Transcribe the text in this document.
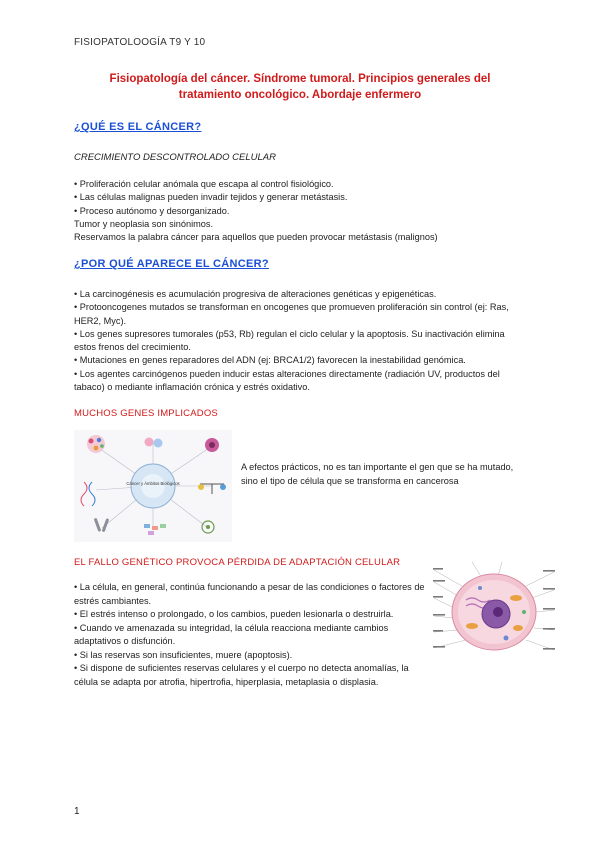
FISIOPATOLOOGÍA T9 Y 10
Fisiopatología del cáncer. Síndrome tumoral. Principios generales del
tratamiento oncológico. Abordaje enfermero
¿QUÉ ES EL CÁNCER?
CRECIMIENTO DESCONTROLADO CELULAR

• Proliferación celular anómala que escapa al control fisiológico.

• Las células malignas pueden invadir tejidos y generar metástasis.

• Proceso autónomo y desorganizado.

Tumor y neoplasia son sinónimos.

Reservamos la palabra cáncer para aquellos que pueden provocar metástasis (malignos)

¿POR QUÉ APARECE EL CÁNCER?

• La carcinogénesis es acumulación progresiva de alteraciones genéticas y epigenéticas.

• Protooncogenes mutados se transforman en oncogenes que promueven proliferación sin control (ej: Ras, HER2, Myc).

• Los genes supresores tumorales (p53, Rb) regulan el ciclo celular y la apoptosis. Su inactivación elimina estos frenos del crecimiento.

• Mutaciones en genes reparadores del ADN (ej: BRCA1/2) favorecen la inestabilidad genómica.

• Los agentes carcinógenos pueden inducir estas alteraciones directamente (radiación UV, productos del tabaco) o mediante inflamación crónica y estrés oxidativo.

MUCHOS GENES IMPLICADOS
Cáncer y Ámbitos Biológicos
A efectos prácticos, no es tan importante el gen que se ha mutado, sino el tipo de célula que se transforma en cancerosa
EL FALLO GENÉTICO PROVOCA PÉRDIDA DE ADAPTACIÓN CELULAR

• La célula, en general, continúa funcionando a pesar de las condiciones o factores de estrés cambiantes.

• El estrés intenso o prolongado, o los cambios, pueden lesionarla o destruirla.

• Cuando ve amenazada su integridad, la célula reacciona mediante cambios adaptativos o disfunción.

• Si las reservas son insuficientes, muere (apoptosis).

• Si dispone de suficientes reservas celulares y el cuerpo no detecta anomalías, la célula se adapta por atrofia, hipertrofia, hiperplasia, metaplasia o displasia.

1
